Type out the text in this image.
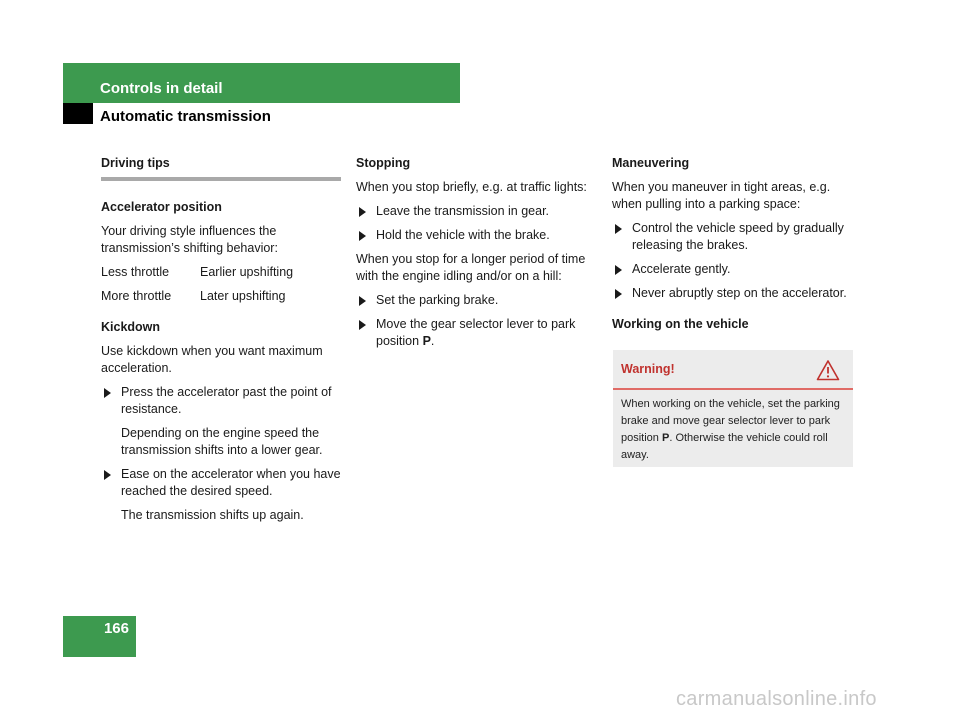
Controls in detail
Automatic transmission

Driving tips

Accelerator position

Your driving style influences the transmission’s shifting behavior:

Less throttle	Earlier upshifting
More throttle	Later upshifting

Kickdown

Use kickdown when you want maximum acceleration.

Press the accelerator past the point of resistance.

Depending on the engine speed the transmission shifts into a lower gear.

Ease on the accelerator when you have reached the desired speed.

The transmission shifts up again.

Stopping

When you stop briefly, e.g. at traffic lights:

Leave the transmission in gear.
Hold the vehicle with the brake.

When you stop for a longer period of time with the engine idling and/or on a hill:

Set the parking brake.
Move the gear selector lever to park position P.

Maneuvering

When you maneuver in tight areas, e.g. when pulling into a parking space:

Control the vehicle speed by gradually releasing the brakes.
Accelerate gently.
Never abruptly step on the accelerator.

Working on the vehicle

Warning!
When working on the vehicle, set the parking brake and move gear selector lever to park position P. Otherwise the vehicle could roll away.
166
carmanualsonline.info
